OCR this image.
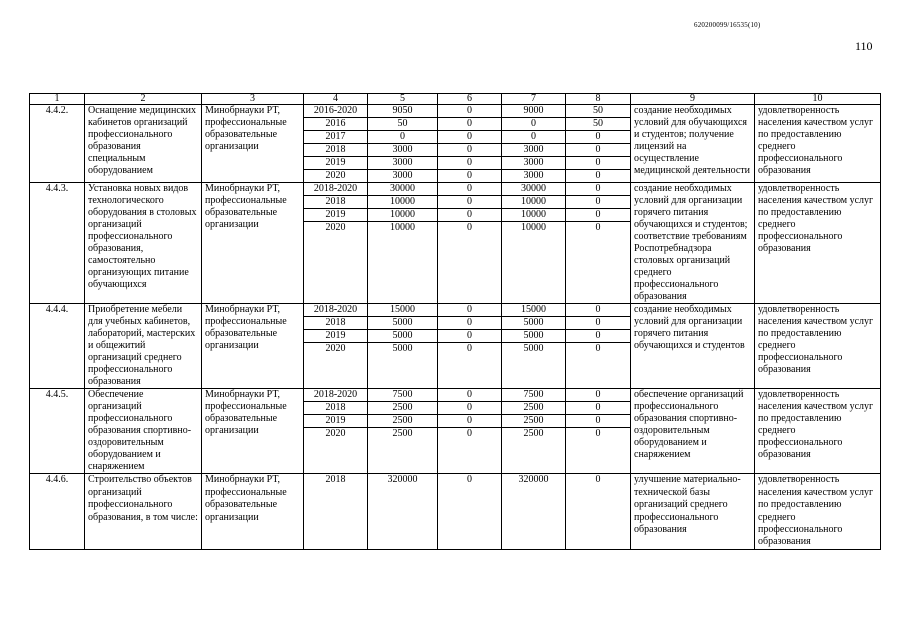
620200099/16535(10)
110
1	2	3	4	5	6	7	8	9	10
4.4.2.	Оснащение медицинских кабинетов организаций профессионального образования специальным оборудованием	Минобрнауки РТ, профессиональные образовательные организации	2016-2020	9050	0	9000	50	создание необходимых условий для обучающихся и студентов; получение лицензий на осуществление медицинской деятельности	удовлетворенность населения качеством услуг по предоставлению среднего профессионального образования
			2016	50	0	0	50		
			2017	0	0	0	0		
			2018	3000	0	3000	0		
			2019	3000	0	3000	0		
			2020	3000	0	3000	0		
4.4.3.	Установка новых видов технологического оборудования в столовых организаций профессионального образования, самостоятельно организующих питание обучающихся	Минобрнауки РТ, профессиональные образовательные организации	2018-2020	30000	0	30000	0	создание необходимых условий для организации горячего питания обучающихся и студентов; соответствие требованиям Роспотребнадзора столовых организаций среднего профессионального образования	удовлетворенность населения качеством услуг по предоставлению среднего профессионального образования
			2018	10000	0	10000	0		
			2019	10000	0	10000	0		
			2020	10000	0	10000	0		
4.4.4.	Приобретение мебели для учебных кабинетов, лабораторий, мастерских и общежитий организаций среднего профессионального образования	Минобрнауки РТ, профессиональные образовательные организации	2018-2020	15000	0	15000	0	создание необходимых условий для организации горячего питания обучающихся и студентов	удовлетворенность населения качеством услуг по предоставлению среднего профессионального образования
			2018	5000	0	5000	0		
			2019	5000	0	5000	0		
			2020	5000	0	5000	0		
4.4.5.	Обеспечение организаций профессионального образования спортивно-оздоровительным оборудованием и снаряжением	Минобрнауки РТ, профессиональные образовательные организации	2018-2020	7500	0	7500	0	обеспечение организаций профессионального образования спортивно-оздоровительным оборудованием и снаряжением	удовлетворенность населения качеством услуг по предоставлению среднего профессионального образования
			2018	2500	0	2500	0		
			2019	2500	0	2500	0		
			2020	2500	0	2500	0		
4.4.6.	Строительство объектов организаций профессионального образования, в том числе:	Минобрнауки РТ, профессиональные образовательные организации	2018	320000	0	320000	0	улучшение материально-технической базы организаций среднего профессионального образования	удовлетворенность населения качеством услуг по предоставлению среднего профессионального образования
